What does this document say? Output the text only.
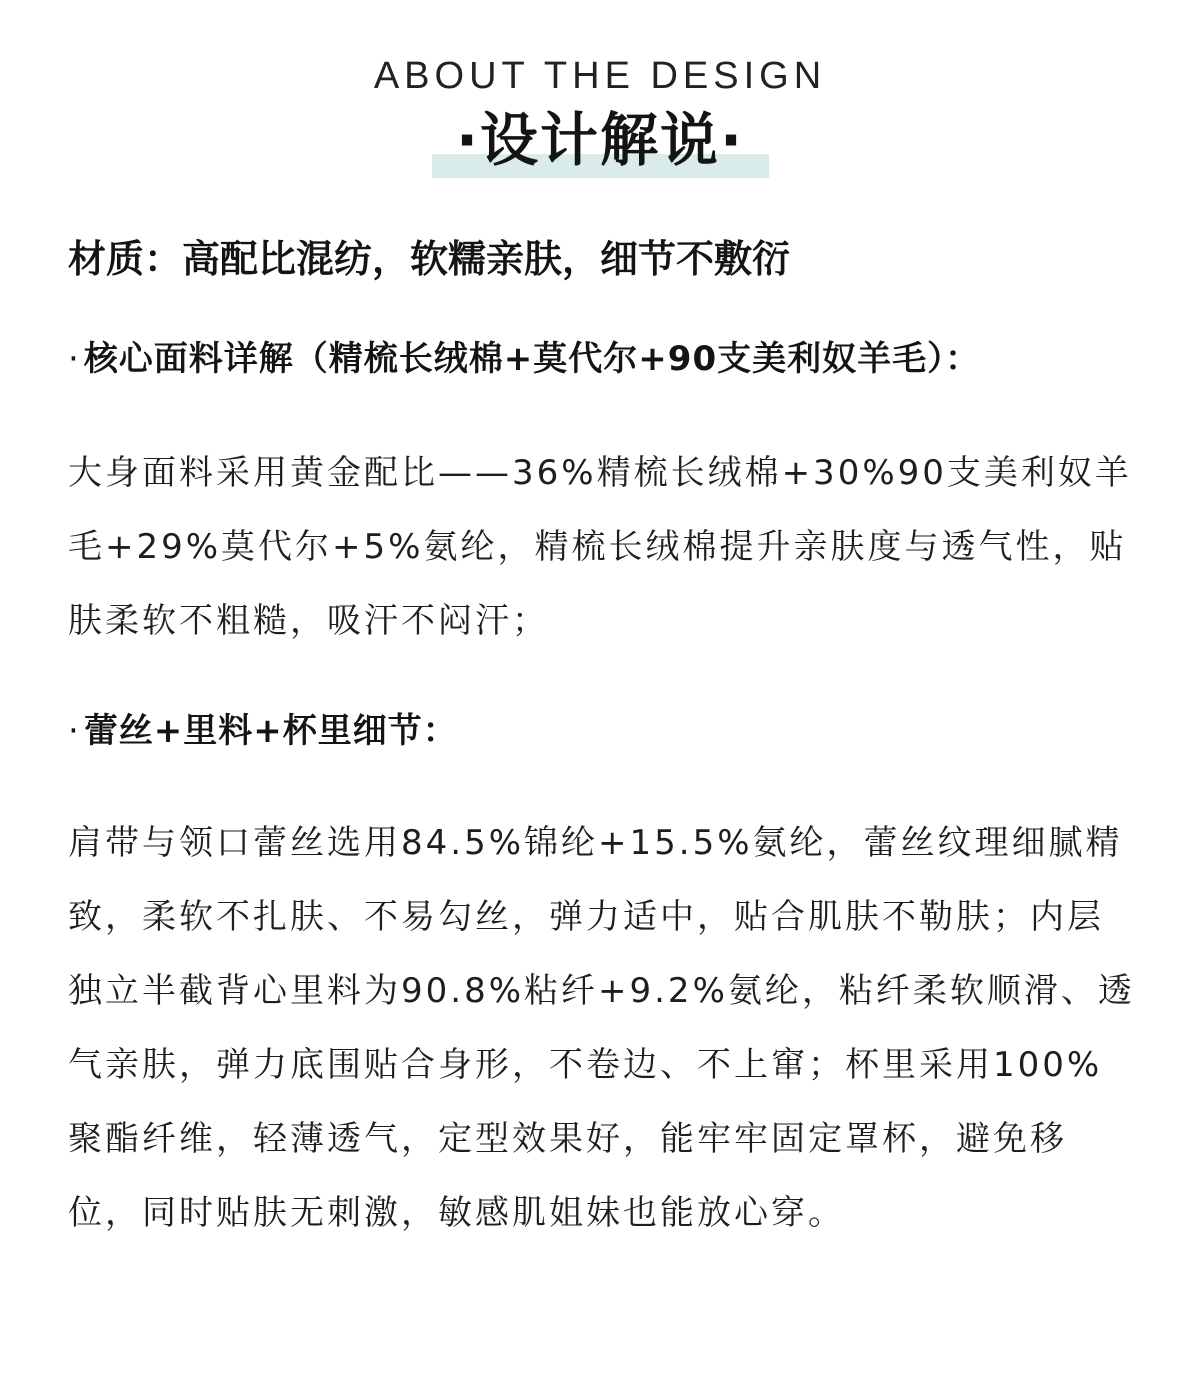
ABOUT THE DESIGN
·设计解说·
材质：高配比混纺，软糯亲肤，细节不敷衍
· 核心面料详解（精梳长绒棉+莫代尔+90支美利奴羊毛）：

大身面料采用黄金配比——36%精梳长绒棉+30%90支美利奴羊毛+29%莫代尔+5%氨纶，精梳长绒棉提升亲肤度与透气性，贴肤柔软不粗糙，吸汗不闷汗；

· 蕾丝+里料+杯里细节：

肩带与领口蕾丝选用84.5%锦纶+15.5%氨纶，蕾丝纹理细腻精致，柔软不扎肤、不易勾丝，弹力适中，贴合肌肤不勒肤；内层独立半截背心里料为90.8%粘纤+9.2%氨纶，粘纤柔软顺滑、透气亲肤，弹力底围贴合身形，不卷边、不上窜；杯里采用100%聚酯纤维，轻薄透气，定型效果好，能牢牢固定罩杯，避免移位，同时贴肤无刺激，敏感肌姐妹也能放心穿。
